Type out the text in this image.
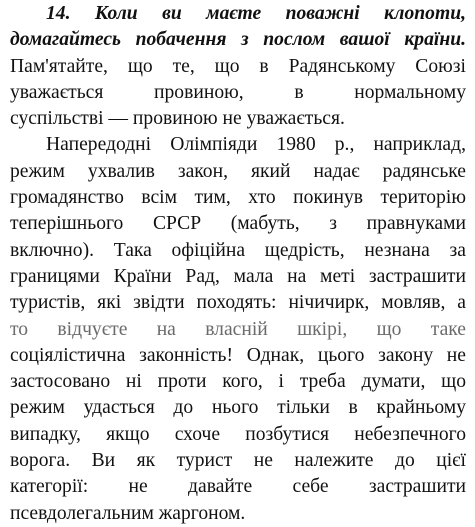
14. Коли ви маєте поважні клопоти,
домагайтесь побачення з послом вашої країни.
Пам'ятайте, що те, що в Радянському Союзі
уважається провиною, в нормальному
суспільстві — провиною не уважається.
Напередодні Олімпіяди 1980 р., наприклад,
режим ухвалив закон, який надає радянське
громадянство всім тим, хто покинув територію
теперішнього СРСР (мабуть, з правнуками
включно). Така офіційна щедрість, незнана за
границями Країни Рад, мала на меті застрашити
туристів, які звідти походять: нічичирк, мовляв, а
то відчуєте на власній шкірі, що таке
соціялістична законність! Однак, цього закону не
застосовано ні проти кого, і треба думати, що
режим удасться до нього тільки в крайньому
випадку, якщо схоче позбутися небезпечного
ворога. Ви як турист не належите до цієї
категорії: не давайте себе застрашити
псевдолегальним жаргоном.
